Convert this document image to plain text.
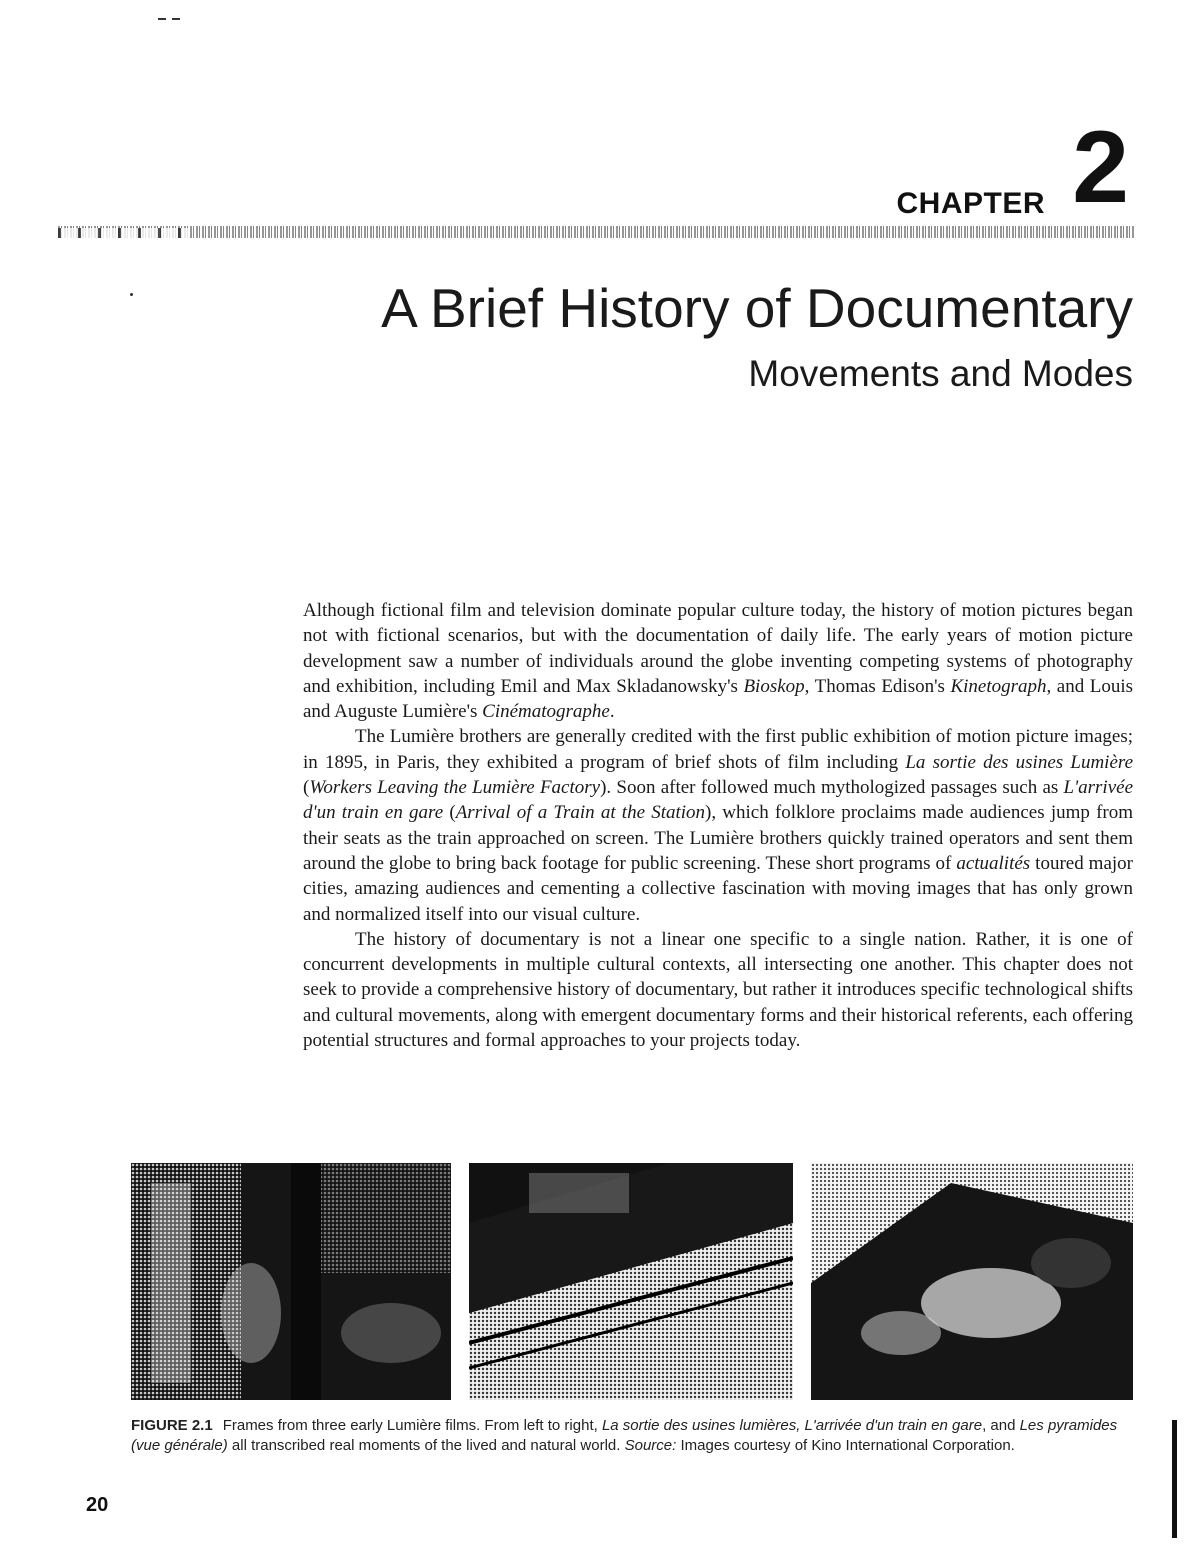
CHAPTER 2
A Brief History of Documentary
Movements and Modes

Although fictional film and television dominate popular culture today, the history of motion pictures began not with fictional scenarios, but with the documentation of daily life. The early years of motion picture development saw a number of individuals around the globe inventing competing systems of photography and exhibition, including Emil and Max Skladanowsky's Bioskop, Thomas Edison's Kinetograph, and Louis and Auguste Lumière's Cinématographe.

The Lumière brothers are generally credited with the first public exhibition of motion picture images; in 1895, in Paris, they exhibited a program of brief shots of film including La sortie des usines Lumière (Workers Leaving the Lumière Factory). Soon after followed much mythologized passages such as L'arrivée d'un train en gare (Arrival of a Train at the Station), which folklore proclaims made audiences jump from their seats as the train approached on screen. The Lumière brothers quickly trained operators and sent them around the globe to bring back footage for public screening. These short programs of actualités toured major cities, amazing audiences and cementing a collective fascination with moving images that has only grown and normalized itself into our visual culture.

The history of documentary is not a linear one specific to a single nation. Rather, it is one of concurrent developments in multiple cultural contexts, all intersecting one another. This chapter does not seek to provide a comprehensive history of documentary, but rather it introduces specific technological shifts and cultural movements, along with emergent documentary forms and their historical referents, each offering potential structures and formal approaches to your projects today.

FIGURE 2.1 Frames from three early Lumière films. From left to right, La sortie des usines lumières, L'arrivée d'un train en gare, and Les pyramides (vue générale) all transcribed real moments of the lived and natural world. Source: Images courtesy of Kino International Corporation.
20
